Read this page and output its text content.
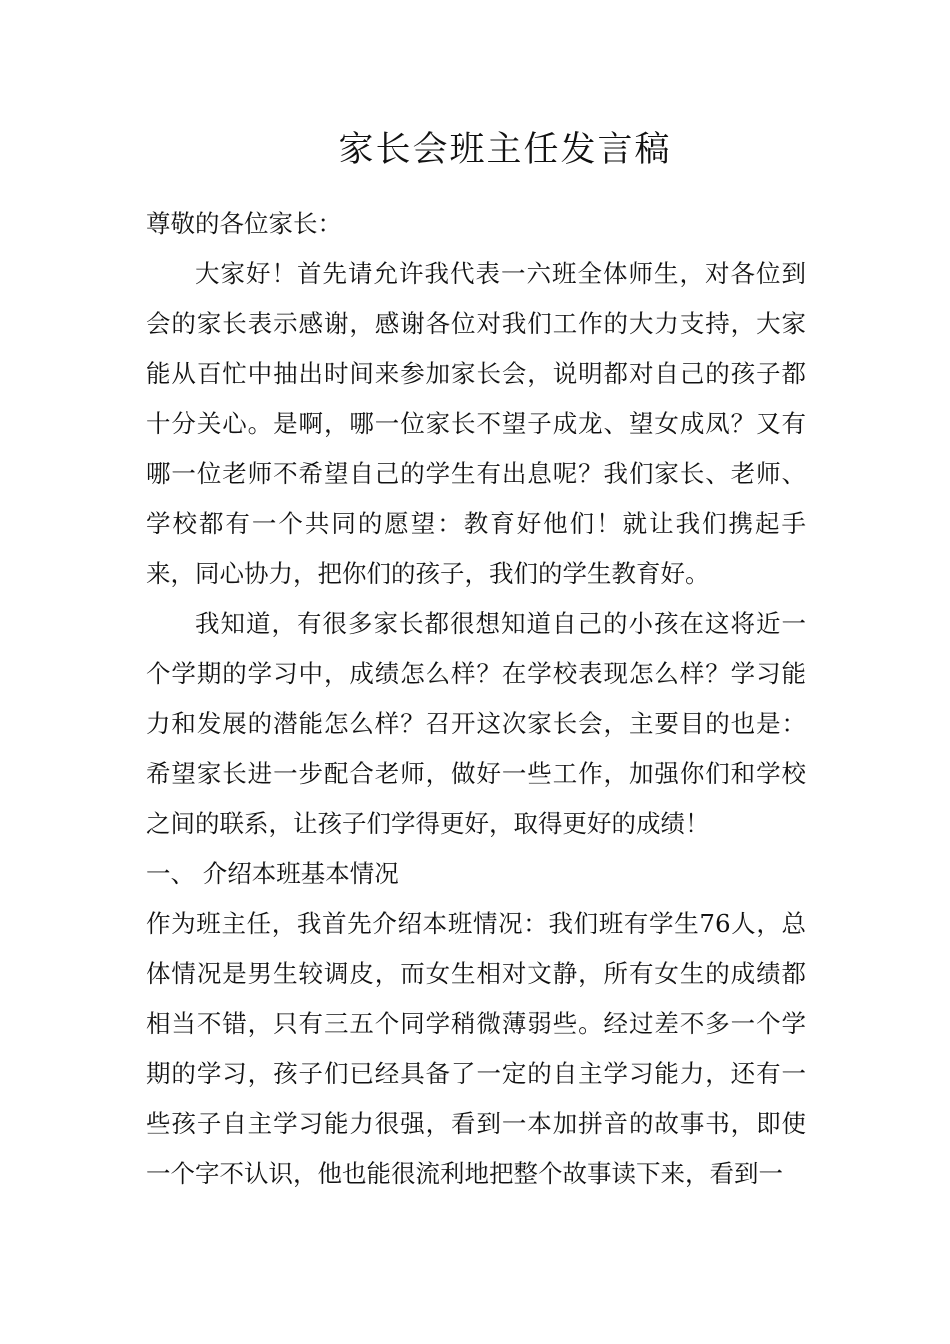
家长会班主任发言稿

尊敬的各位家长：

大家好！首先请允许我代表一六班全体师生，对各位到会的家长表示感谢，感谢各位对我们工作的大力支持，大家能从百忙中抽出时间来参加家长会，说明都对自己的孩子都十分关心。是啊，哪一位家长不望子成龙、望女成凤？又有哪一位老师不希望自己的学生有出息呢？我们家长、老师、学校都有一个共同的愿望：教育好他们！就让我们携起手来，同心协力，把你们的孩子，我们的学生教育好。

我知道，有很多家长都很想知道自己的小孩在这将近一个学期的学习中，成绩怎么样？在学校表现怎么样？学习能力和发展的潜能怎么样？召开这次家长会，主要目的也是：希望家长进一步配合老师，做好一些工作，加强你们和学校之间的联系，让孩子们学得更好，取得更好的成绩！

一、 介绍本班基本情况

作为班主任，我首先介绍本班情况：我们班有学生76人，总体情况是男生较调皮，而女生相对文静，所有女生的成绩都相当不错，只有三五个同学稍微薄弱些。经过差不多一个学期的学习，孩子们已经具备了一定的自主学习能力，还有一些孩子自主学习能力很强，看到一本加拼音的故事书，即使一个字不认识，他也能很流利地把整个故事读下来，看到一
